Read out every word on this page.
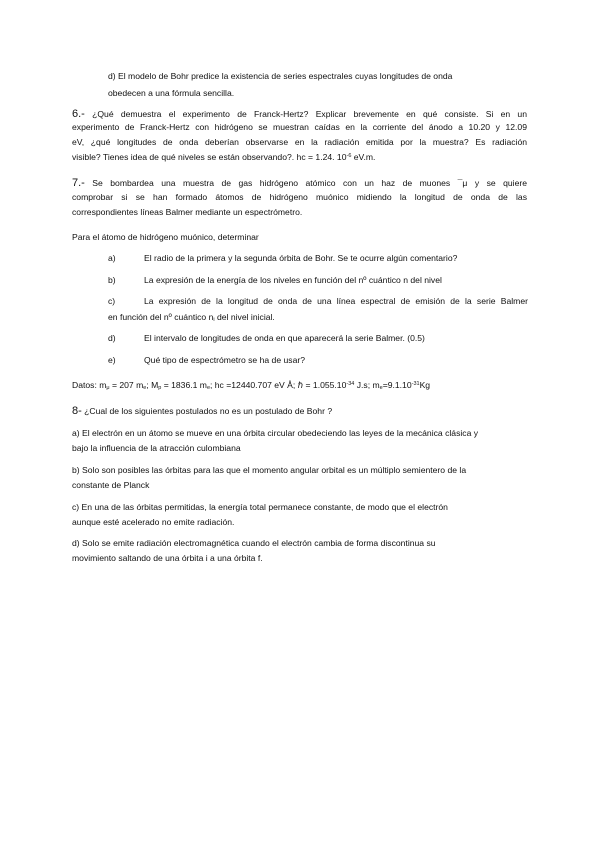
d) El modelo de Bohr predice la existencia de series espectrales cuyas longitudes de onda
obedecen a una fórmula sencilla.
6.- ¿Qué demuestra el experimento de Franck-Hertz? Explicar brevemente en qué consiste. Si en un
experimento de Franck-Hertz con hidrógeno se muestran caídas en la corriente del ánodo a 10.20 y 12.09
eV, ¿qué longitudes de onda deberían observarse en la radiación emitida por la muestra? Es radiación
visible? Tienes idea de qué niveles se están observando?. hc = 1.24. $10^{-6}$ eV.m.
7.- Se bombardea una muestra de gas hidrógeno atómico con un haz de muones ¯μ y se quiere
comprobar si se han formado átomos de hidrógeno muónico midiendo la longitud de onda de las
correspondientes líneas Balmer mediante un espectrómetro.
Para el átomo de hidrógeno muónico, determinar
a)	El radio de la primera y la segunda órbita de Bohr. Se te ocurre algún comentario?
b)	La expresión de la energía de los niveles en función del nº cuántico n del nivel
c)	La expresión de la longitud de onda de una línea espectral de emisión de la serie Balmer
en función del nº cuántico $n_i$ del nivel inicial.
d)	El intervalo de longitudes de onda en que aparecerá la serie Balmer. (0.5)
e)	Qué tipo de espectrómetro se ha de usar?
Datos: $m_\mu = 207$ $m_e$; $M_p = 1836.1$ $m_e$; hc =12440.707 eV Å; ℏ = $1.055.10^{-34}$ J.s; $m_e=9.1.10^{-31}Kg$
8- ¿Cual de los siguientes postulados no es un postulado de Bohr ?
a) El electrón en un átomo se mueve en una órbita circular obedeciendo las leyes de la mecánica clásica y
bajo la influencia de la atracción culombiana
b) Solo son posibles las órbitas para las que el momento angular orbital es un múltiplo semientero de la
constante de Planck
c) En una de las órbitas permitidas, la energía total permanece constante, de modo que el electrón
aunque esté acelerado no emite radiación.
d) Solo se emite radiación electromagnética cuando el electrón cambia de forma discontinua su
movimiento saltando de una órbita i a una órbita f.
